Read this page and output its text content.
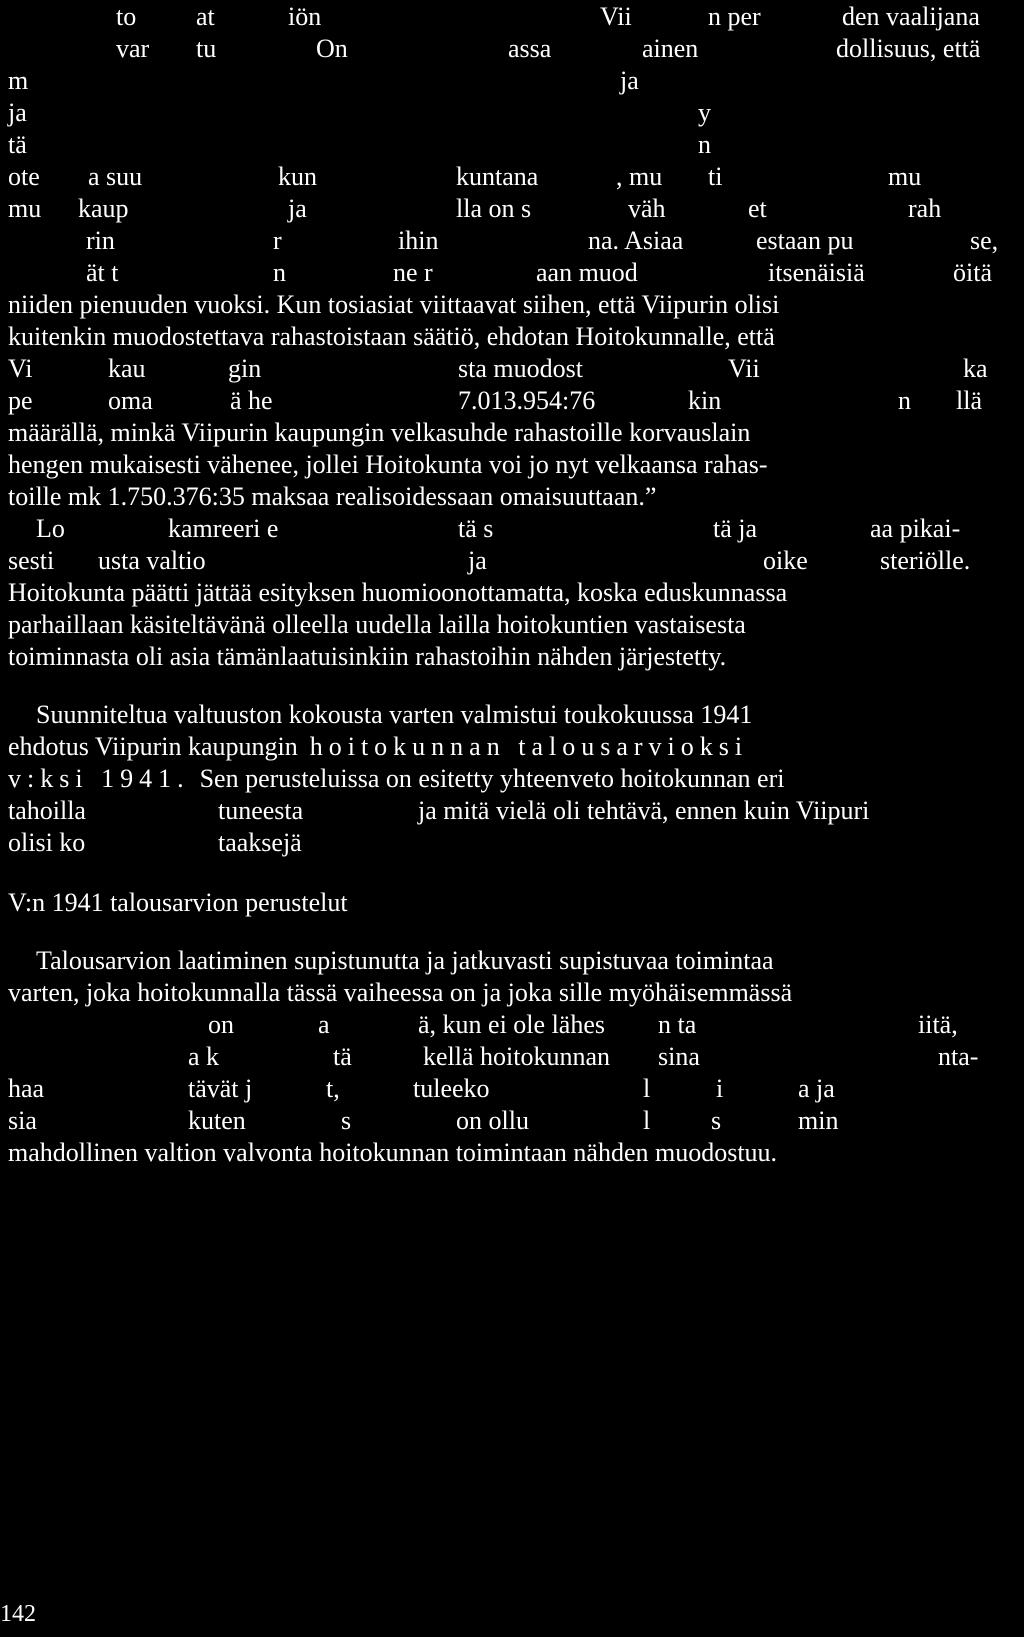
to at	iön	Vii	n per	den vaalijana
var tu	On	assa	ainen	dollisuus, että
m	ja
ja	y
tä	n
ote a suu	kun	kuntana	, mu ti	mu
mu kaup	ja	lla on s	väh	et	rah
rin	r	ihin	na. Asiaa	estaan pu	se,
ät t	n	ne r	aan muod	itsenäisiä	öitä
niiden pienuuden vuoksi. Kun tosiasiat viittaavat siihen, että Viipurin olisi
kuitenkin muodostettava rahastoistaan säätiö, ehdotan Hoitokunnalle, että
Vi	kau	gin	sta muodost	Vii	ka
pe	oma	ä he	7.013.954:76	kin	n llä
määrällä, minkä Viipurin kaupungin velkasuhde rahastoille korvauslain
hengen mukaisesti vähenee, jollei Hoitokunta voi jo nyt velkaansa rahas-
toille mk 1.750.376:35 maksaa realisoidessaan omaisuuttaan.”
Lo	kamreeri e	tä s	tä ja	aa pikai-
sesti usta valtio	ja	oike	steriölle.
Hoitokunta päätti jättää esityksen huomioonottamatta, koska eduskunnassa
parhaillaan käsiteltävänä olleella uudella lailla hoitokuntien vastaisesta
toiminnasta oli asia tämänlaatuisinkiin rahastoihin nähden järjestetty.
Suunniteltua valtuuston kokousta varten valmistui toukokuussa 1941
ehdotus Viipurin kaupungin hoitokunnan talousarvioksi
v:ksi 1941. Sen perusteluissa on esitetty yhteenveto hoitokunnan eri
tahoilla	tuneesta	ja mitä vielä oli tehtävä, ennen kuin Viipuri
olisi ko	taaksejä
V:n 1941 talousarvion perustelut
Talousarvion laatiminen supistunutta ja jatkuvasti supistuvaa toimintaa
varten, joka hoitokunnalla tässä vaiheessa on ja joka sille myöhäisemmässä
on	a	ä, kun ei ole lähes n ta	iitä,
a k	tä	kellä hoitokunnan sina	nta-
haa	tävät j	t,	tuleeko	l	i	a ja
sia	kuten	s	on ollu	l s	min
mahdollinen valtion valvonta hoitokunnan toimintaan nähden muodostuu.
142
